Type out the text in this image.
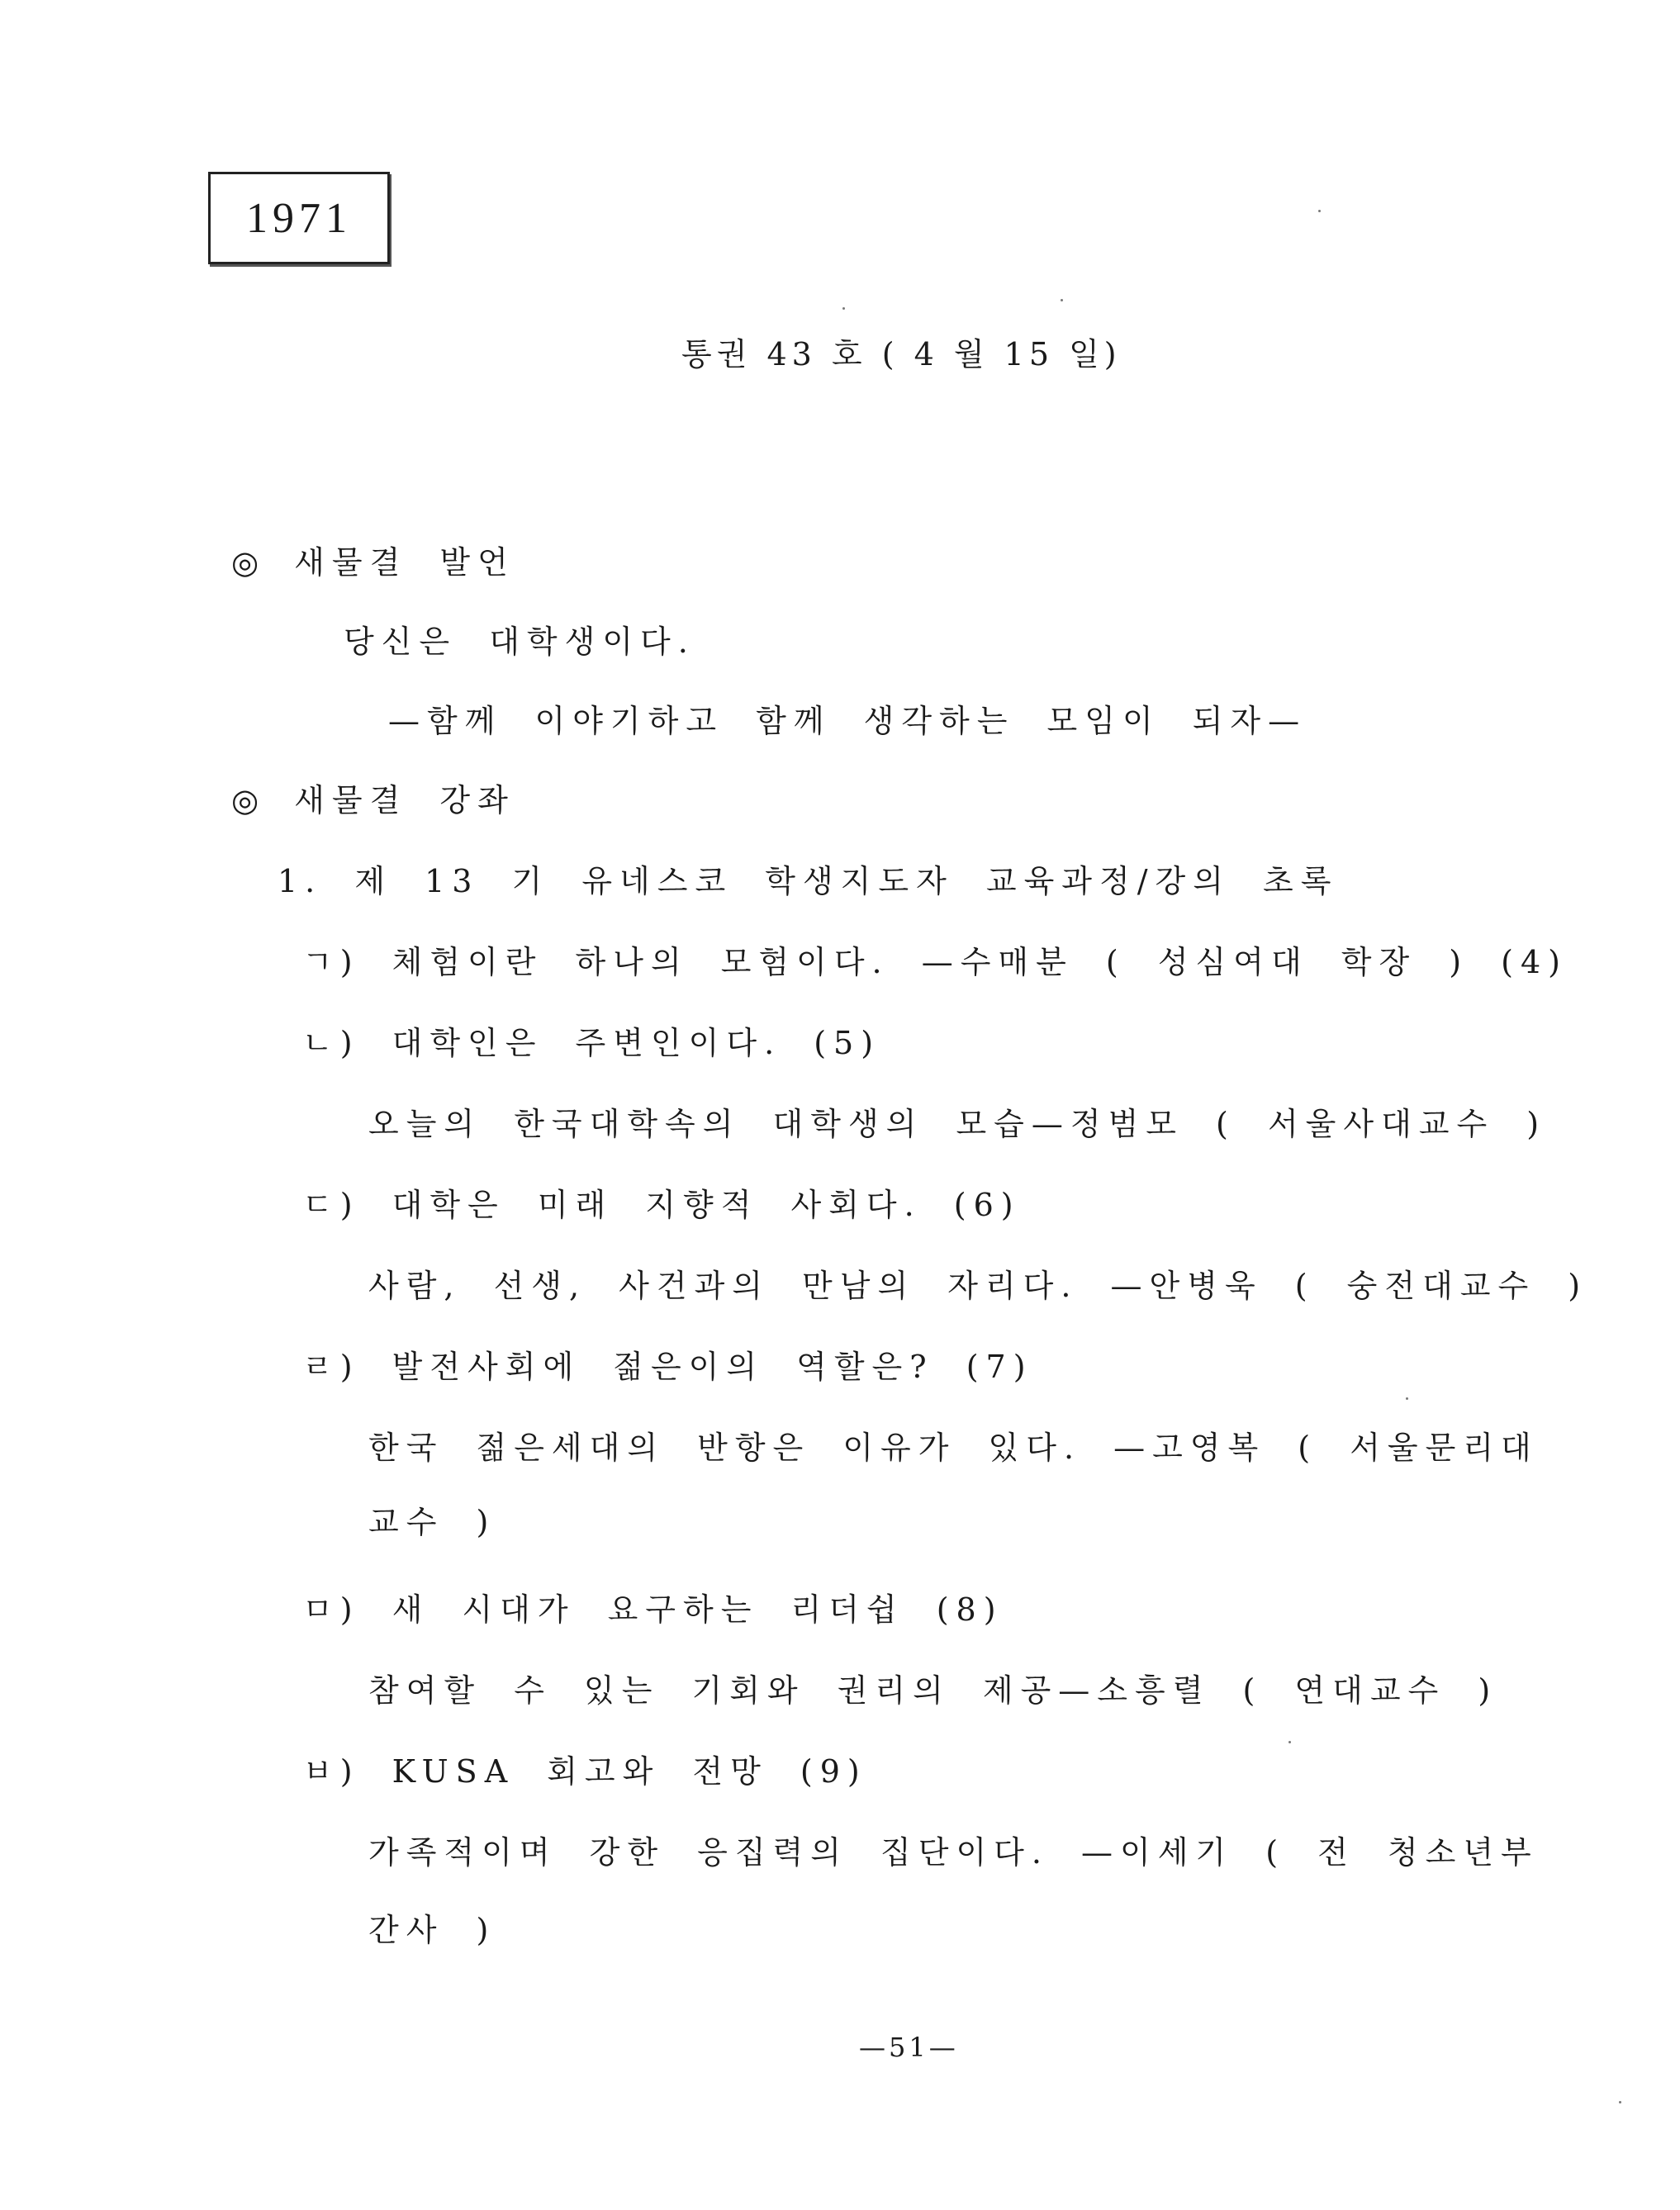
1971
통권 43 호 ( 4 월 15 일)
◎ 새물결 발언
당신은 대학생이다.
—함께 이야기하고 함께 생각하는 모임이 되자—
◎ 새물결 강좌
1. 제 13 기 유네스코 학생지도자 교육과정/강의 초록
ㄱ) 체험이란 하나의 모험이다. —수매분 ( 성심여대 학장 ) (4)
ㄴ) 대학인은 주변인이다. (5)
오늘의 한국대학속의 대학생의 모습—정범모 ( 서울사대교수 )
ㄷ) 대학은 미래 지향적 사회다. (6)
사람, 선생, 사건과의 만남의 자리다. —안병욱 ( 숭전대교수 )
ㄹ) 발전사회에 젊은이의 역할은? (7)
한국 젊은세대의 반항은 이유가 있다. —고영복 ( 서울문리대
교수 )
ㅁ) 새 시대가 요구하는 리더쉽 (8)
참여할 수 있는 기회와 권리의 제공—소흥렬 ( 연대교수 )
ㅂ) KUSA 회고와 전망 (9)
가족적이며 강한 응집력의 집단이다. —이세기 ( 전 청소년부
간사 )
—51—
